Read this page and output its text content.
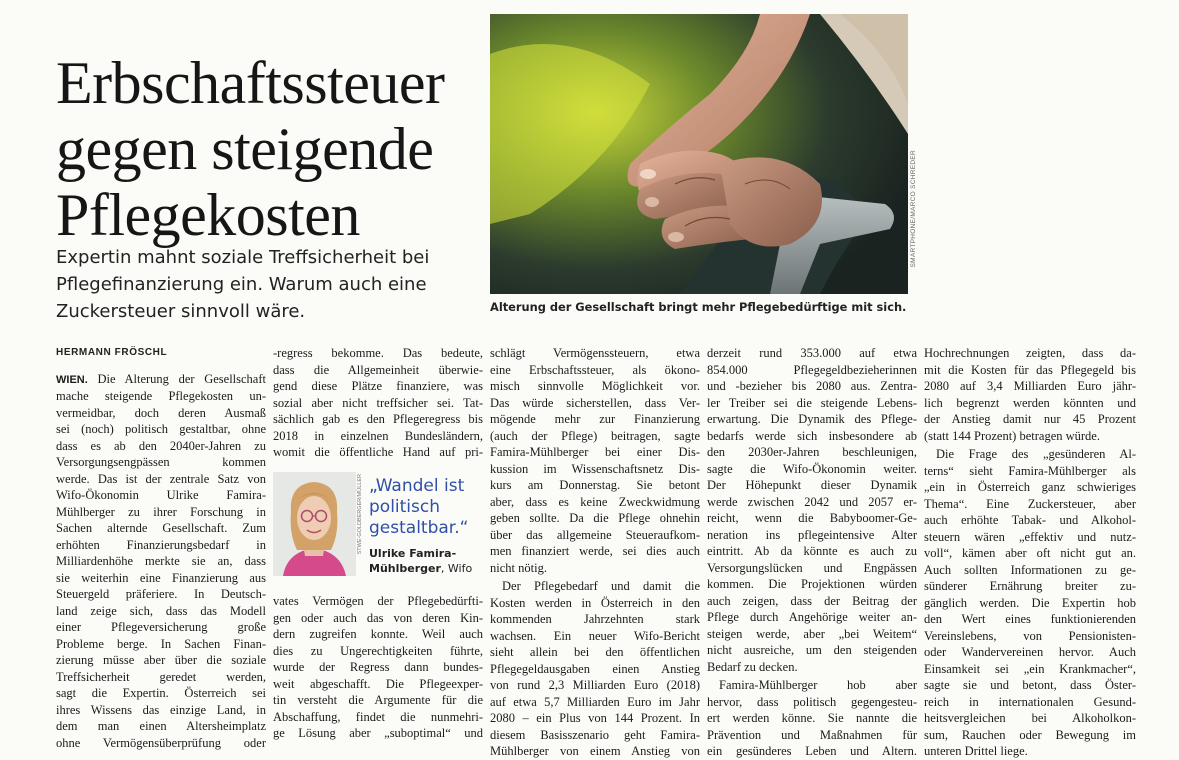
Erbschaftssteuer
gegen steigende
Pflegekosten
Expertin mahnt soziale Treffsicherheit bei Pflegefinanzierung ein. Warum auch eine Zuckersteuer sinnvoll wäre.
SMARTPHONE/MARCO SCHREDER
Alterung der Gesellschaft bringt mehr Pflegebedürftige mit sich.
HERMANN FRÖSCHL
WIEN. Die Alterung der Gesellschaft
mache steigende Pflegekosten un-
vermeidbar, doch deren Ausmaß
sei (noch) politisch gestaltbar, ohne
dass es ab den 2040er-Jahren zu
Versorgungsengpässen kommen
werde. Das ist der zentrale Satz von
Wifo-Ökonomin Ulrike Famira-
Mühlberger zu ihrer Forschung in
Sachen alternde Gesellschaft. Zum
erhöhten Finanzierungsbedarf in
Milliardenhöhe merkte sie an, dass
sie weiterhin eine Finanzierung aus
Steuergeld präferiere. In Deutsch-
land zeige sich, dass das Modell
einer Pflegeversicherung große
Probleme berge. In Sachen Finan-
zierung müsse aber über die soziale
Treffsicherheit geredet werden,
sagt die Expertin. Österreich sei
ihres Wissens das einzige Land, in
dem man einen Altersheimplatz
ohne Vermögensüberprüfung oder
-regress bekomme. Das bedeute,
dass die Allgemeinheit überwie-
gend diese Plätze finanziere, was
sozial aber nicht treffsicher sei. Tat-
sächlich gab es den Pflegeregress bis
2018 in einzelnen Bundesländern,
womit die öffentliche Hand auf pri-
STWE-GOLDBERGER/MÜLLER „Wandel ist politisch gestaltbar.“
Ulrike Famira-
Mühlberger, Wifo
vates Vermögen der Pflegebedürfti-
gen oder auch das von deren Kin-
dern zugreifen konnte. Weil auch
dies zu Ungerechtigkeiten führte,
wurde der Regress dann bundes-
weit abgeschafft. Die Pflegeexper-
tin versteht die Argumente für die
Abschaffung, findet die nunmehri-
ge Lösung aber „suboptimal“ und
schlägt Vermögenssteuern, etwa
eine Erbschaftssteuer, als ökono-
misch sinnvolle Möglichkeit vor.
Das würde sicherstellen, dass Ver-
mögende mehr zur Finanzierung
(auch der Pflege) beitragen, sagte
Famira-Mühlberger bei einer Dis-
kussion im Wissenschaftsnetz Dis-
kurs am Donnerstag. Sie betont
aber, dass es keine Zweckwidmung
geben sollte. Da die Pflege ohnehin
über das allgemeine Steueraufkom-
men finanziert werde, sei dies auch
nicht nötig.
Der Pflegebedarf und damit die
Kosten werden in Österreich in den
kommenden Jahrzehnten stark
wachsen. Ein neuer Wifo-Bericht
sieht allein bei den öffentlichen
Pflegegeldausgaben einen Anstieg
von rund 2,3 Milliarden Euro (2018)
auf etwa 5,7 Milliarden Euro im Jahr
2080 – ein Plus von 144 Prozent. In
diesem Basisszenario geht Famira-
Mühlberger von einem Anstieg von
derzeit rund 353.000 auf etwa
854.000 Pflegegeldbezieherinnen
und -bezieher bis 2080 aus. Zentra-
ler Treiber sei die steigende Lebens-
erwartung. Die Dynamik des Pflege-
bedarfs werde sich insbesondere ab
den 2030er-Jahren beschleunigen,
sagte die Wifo-Ökonomin weiter.
Der Höhepunkt dieser Dynamik
werde zwischen 2042 und 2057 er-
reicht, wenn die Babyboomer-Ge-
neration ins pflegeintensive Alter
eintritt. Ab da könnte es auch zu
Versorgungslücken und Engpässen
kommen. Die Projektionen würden
auch zeigen, dass der Beitrag der
Pflege durch Angehörige weiter an-
steigen werde, aber „bei Weitem“
nicht ausreiche, um den steigenden
Bedarf zu decken.
Famira-Mühlberger hob aber
hervor, dass politisch gegengesteu-
ert werden könne. Sie nannte die
Prävention und Maßnahmen für
ein gesünderes Leben und Altern.
Hochrechnungen zeigten, dass da-
mit die Kosten für das Pflegegeld bis
2080 auf 3,4 Milliarden Euro jähr-
lich begrenzt werden könnten und
der Anstieg damit nur 45 Prozent
(statt 144 Prozent) betragen würde.
Die Frage des „gesünderen Al-
terns“ sieht Famira-Mühlberger als
„ein in Österreich ganz schwieriges
Thema“. Eine Zuckersteuer, aber
auch erhöhte Tabak- und Alkohol-
steuern wären „effektiv und nutz-
voll“, kämen aber oft nicht gut an.
Auch sollten Informationen zu ge-
sünderer Ernährung breiter zu-
gänglich werden. Die Expertin hob
den Wert eines funktionierenden
Vereinslebens, von Pensionisten-
oder Wandervereinen hervor. Auch
Einsamkeit sei „ein Krankmacher“,
sagte sie und betont, dass Öster-
reich in internationalen Gesund-
heitsvergleichen bei Alkoholkon-
sum, Rauchen oder Bewegung im
unteren Drittel liege.
